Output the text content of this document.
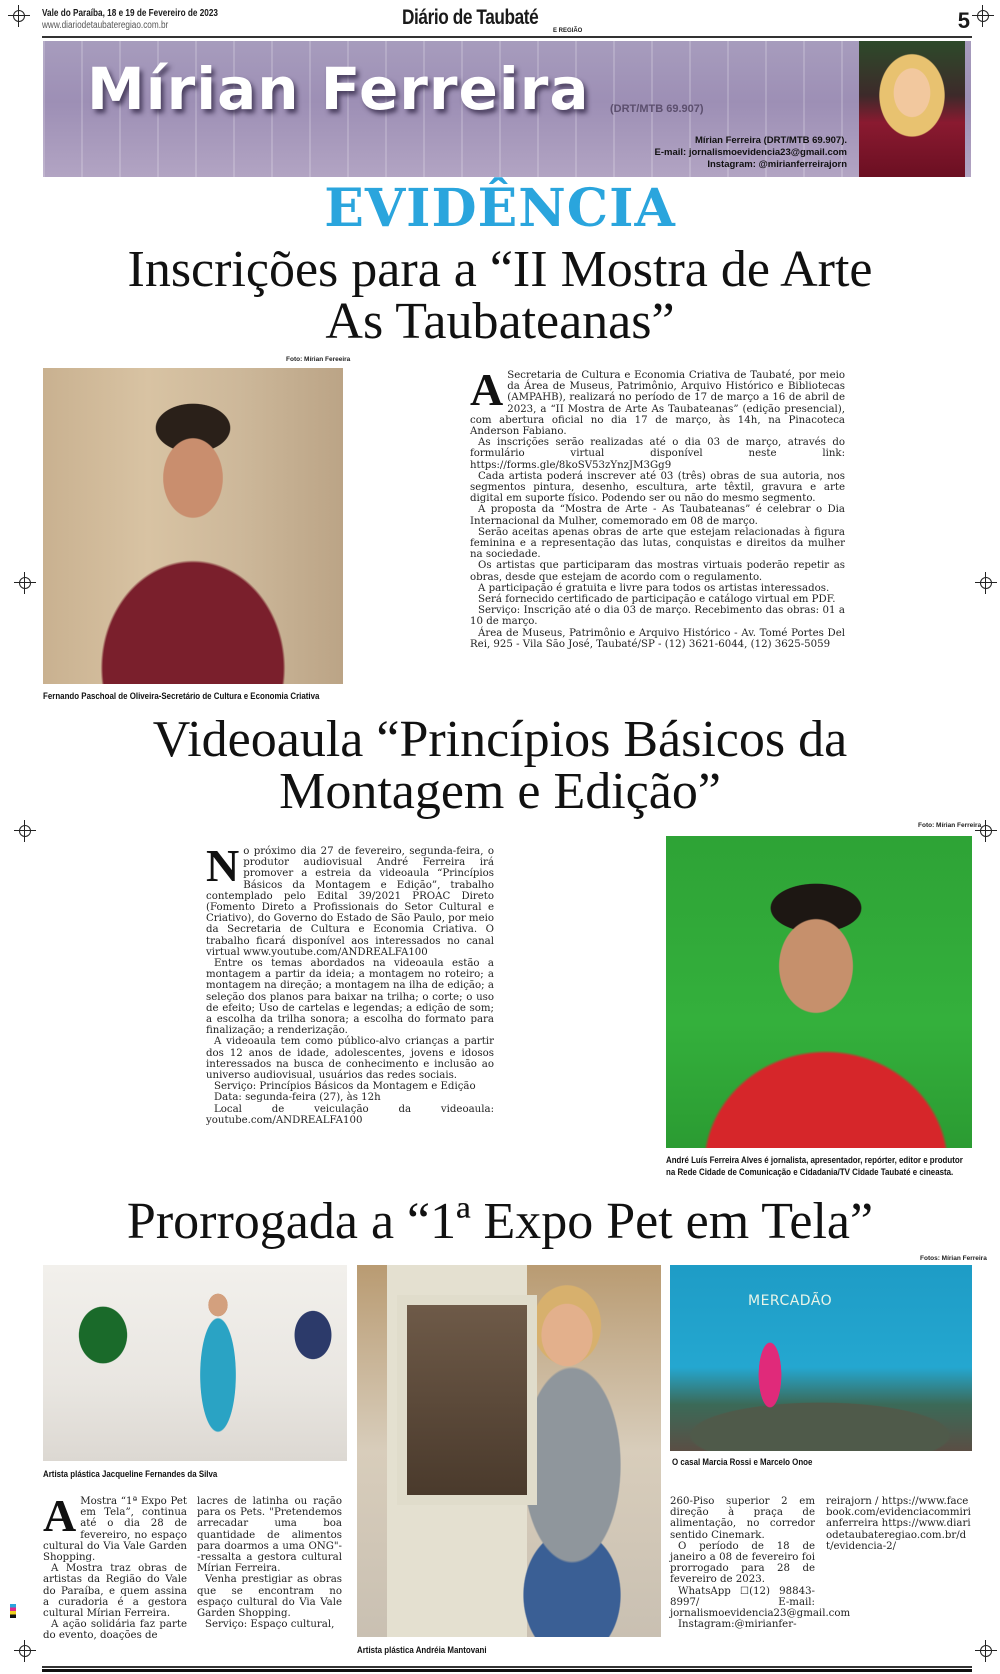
Vale do Paraíba, 18 e 19 de Fevereiro de 2023
www.diariodetaubateregiao.com.br	Diário de Taubaté
E REGIÃO	5
Mírian Ferreira (DRT/MTB 69.907)
Mírian Ferreira (DRT/MTB 69.907).
E-mail: jornalismoevidencia23@gmail.com
Instagram: @mirianferreirajorn
EVIDÊNCIA
Inscrições para a “II Mostra de Arte
As Taubateanas”
Foto: Mírian Fereeira
Fernando Paschoal de Oliveira-Secretário de Cultura e Economia Criativa
A Secretaria de Cultura e Economia Criativa de Taubaté, por meio da Área de Museus, Patrimônio, Arquivo Histórico e Bibliotecas (AMPAHB), realizará no período de 17 de março a 16 de abril de 2023, a “II Mostra de Arte As Taubateanas” (edição presencial), com abertura oficial no dia 17 de março, às 14h, na Pinacoteca Anderson Fabiano.

As inscrições serão realizadas até o dia 03 de março, através do formulário virtual disponível neste link: https://forms.gle/8koSV53zYnzJM3Gg9

Cada artista poderá inscrever até 03 (três) obras de sua autoria, nos segmentos pintura, desenho, escultura, arte têxtil, gravura e arte digital em suporte físico. Podendo ser ou não do mesmo segmento.

A proposta da “Mostra de Arte - As Taubateanas” é celebrar o Dia Internacional da Mulher, comemorado em 08 de março.

Serão aceitas apenas obras de arte que estejam relacionadas à figura feminina e a representação das lutas, conquistas e direitos da mulher na sociedade.

Os artistas que participaram das mostras virtuais poderão repetir as obras, desde que estejam de acordo com o regulamento.

A participação é gratuita e livre para todos os artistas interessados.

Será fornecido certificado de participação e catálogo virtual em PDF.

Serviço: Inscrição até o dia 03 de março. Recebimento das obras: 01 a 10 de março.

Área de Museus, Patrimônio e Arquivo Histórico - Av. Tomé Portes Del Rei, 925 - Vila São José, Taubaté/SP - (12) 3621-6044, (12) 3625-5059

Videoaula “Princípios Básicos da
Montagem e Edição”
Foto: Mírian Ferreira
N o próximo dia 27 de fevereiro, segunda-feira, o produtor audiovisual André Ferreira irá promover a estreia da videoaula “Princípios Básicos da Montagem e Edição”, trabalho contemplado pelo Edital 39/2021 PROAC Direto (Fomento Direto a Profissionais do Setor Cultural e Criativo), do Governo do Estado de São Paulo, por meio da Secretaria de Cultura e Economia Criativa. O trabalho ficará disponível aos interessados no canal virtual www.youtube.com/ANDREALFA100

Entre os temas abordados na videoaula estão a montagem a partir da ideia; a montagem no roteiro; a montagem na direção; a montagem na ilha de edição; a seleção dos planos para baixar na trilha; o corte; o uso de efeito; Uso de cartelas e legendas; a edição de som; a escolha da trilha sonora; a escolha do formato para finalização; a renderização.

A videoaula tem como público-alvo crianças a partir dos 12 anos de idade, adolescentes, jovens e idosos interessados na busca de conhecimento e inclusão ao universo audiovisual, usuários das redes sociais.

Serviço: Princípios Básicos da Montagem e Edição

Data: segunda-feira (27), às 12h

Local de veiculação da videoaula: youtube.com/ANDREALFA100

André Luís Ferreira Alves é jornalista, apresentador, repórter, editor e produtor na Rede Cidade de Comunicação e Cidadania/TV Cidade Taubaté e cineasta.
Prorrogada a “1ª Expo Pet em Tela”
Fotos: Mírian Ferreira
Artista plástica Jacqueline Fernandes da Silva
Artista plástica Andréia Mantovani
MERCADÃO
O casal Marcia Rossi e Marcelo Onoe
A Mostra “1ª Expo Pet em Tela”, continua até o dia 28 de fevereiro, no espaço cultural do Via Vale Garden Shopping.

A Mostra traz obras de artistas da Região do Vale do Paraíba, e quem assina a curadoria é a gestora cultural Mírian Ferreira.

A ação solidária faz parte do evento, doações de

lacres de latinha ou ração para os Pets. "Pretendemos arrecadar uma boa quantidade de alimentos para doarmos a uma ONG"--ressalta a gestora cultural Mírian Ferreira.

Venha prestigiar as obras que se encontram no espaço cultural do Via Vale Garden Shopping.

Serviço: Espaço cultural,

260-Piso superior 2 em direção à praça de alimentação, no corredor sentido Cinemark.

O período de 18 de janeiro a 08 de fevereiro foi prorrogado para 28 de fevereiro de 2023.

WhatsApp ☐(12) 98843-8997/ E-mail: jornalismoevidencia23@gmail.com

Instagram:@mirianfer-

reirajorn / https://www.facebook.com/evidenciacommirianferreira https://www.diariodetaubateregiao.com.br/dt/evidencia-2/
